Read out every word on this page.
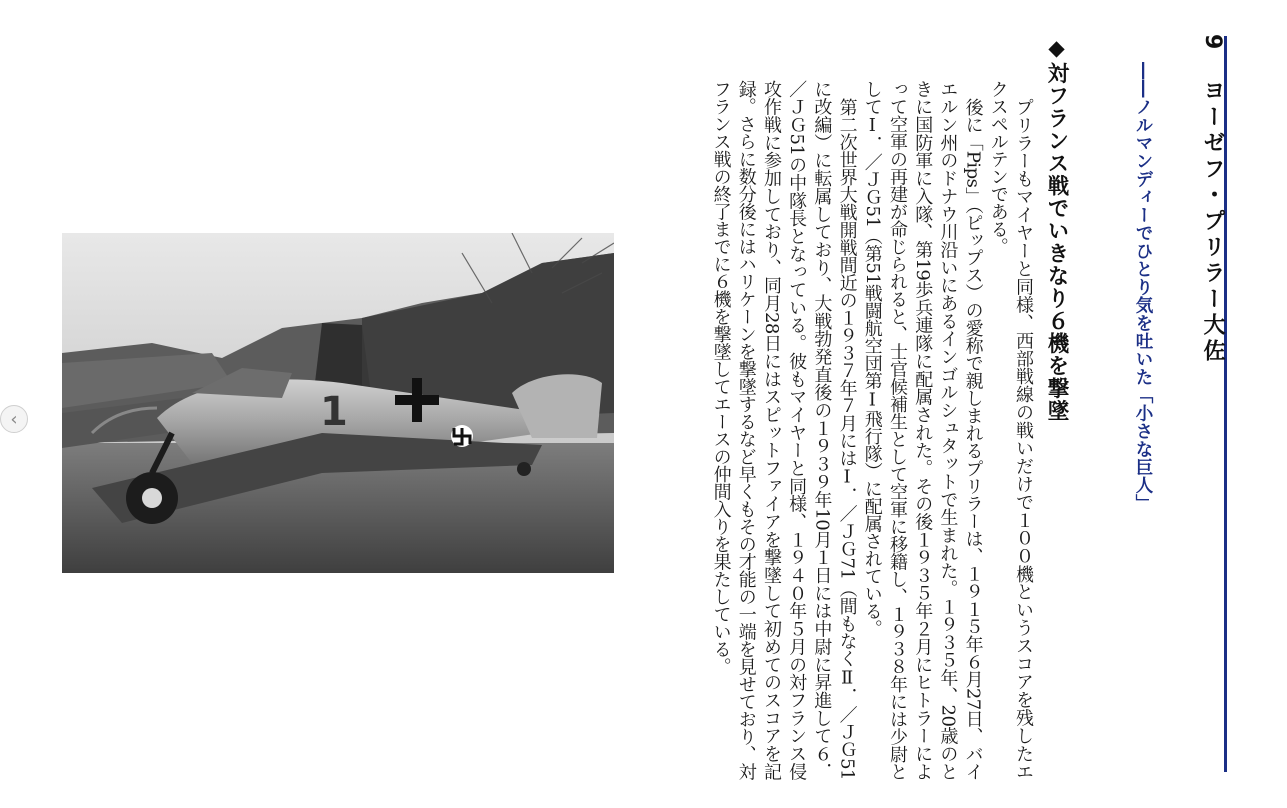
‹	1
9　ヨーゼフ・プリラー大佐
――ノルマンディーでひとり気を吐いた「小さな巨人」
◆対フランス戦でいきなり６機を撃墜

プリラーもマイヤーと同様、西部戦線の戦いだけで１００機というスコアを残したエクスペルテンである。

後に「Pips」（ピップス）の愛称で親しまれるプリラーは、１９１５年６月27日、バイエルン州のドナウ川沿いにあるインゴルシュタットで生まれた。１９３５年、20歳のときに国防軍に入隊、第19歩兵連隊に配属された。その後１９３５年２月にヒトラーによって空軍の再建が命じられると、士官候補生として空軍に移籍し、１９３８年には少尉としてⅠ．／ＪＧ51（第51戦闘航空団第Ⅰ飛行隊）に配属されている。

第二次世界大戦開戦間近の１９３７年７月にはⅠ．／ＪＧ71（間もなくⅡ．／ＪＧ51に改編）に転属しており、大戦勃発直後の１９３９年10月１日には中尉に昇進して６．／ＪＧ51の中隊長となっている。彼もマイヤーと同様、１９４０年５月の対フランス侵攻作戦に参加しており、同月28日にはスピットファイアを撃墜して初めてのスコアを記録。さらに数分後にはハリケーンを撃墜するなど早くもその才能の一端を見せており、対フランス戦の終了までに６機を撃墜してエースの仲間入りを果たしている。
